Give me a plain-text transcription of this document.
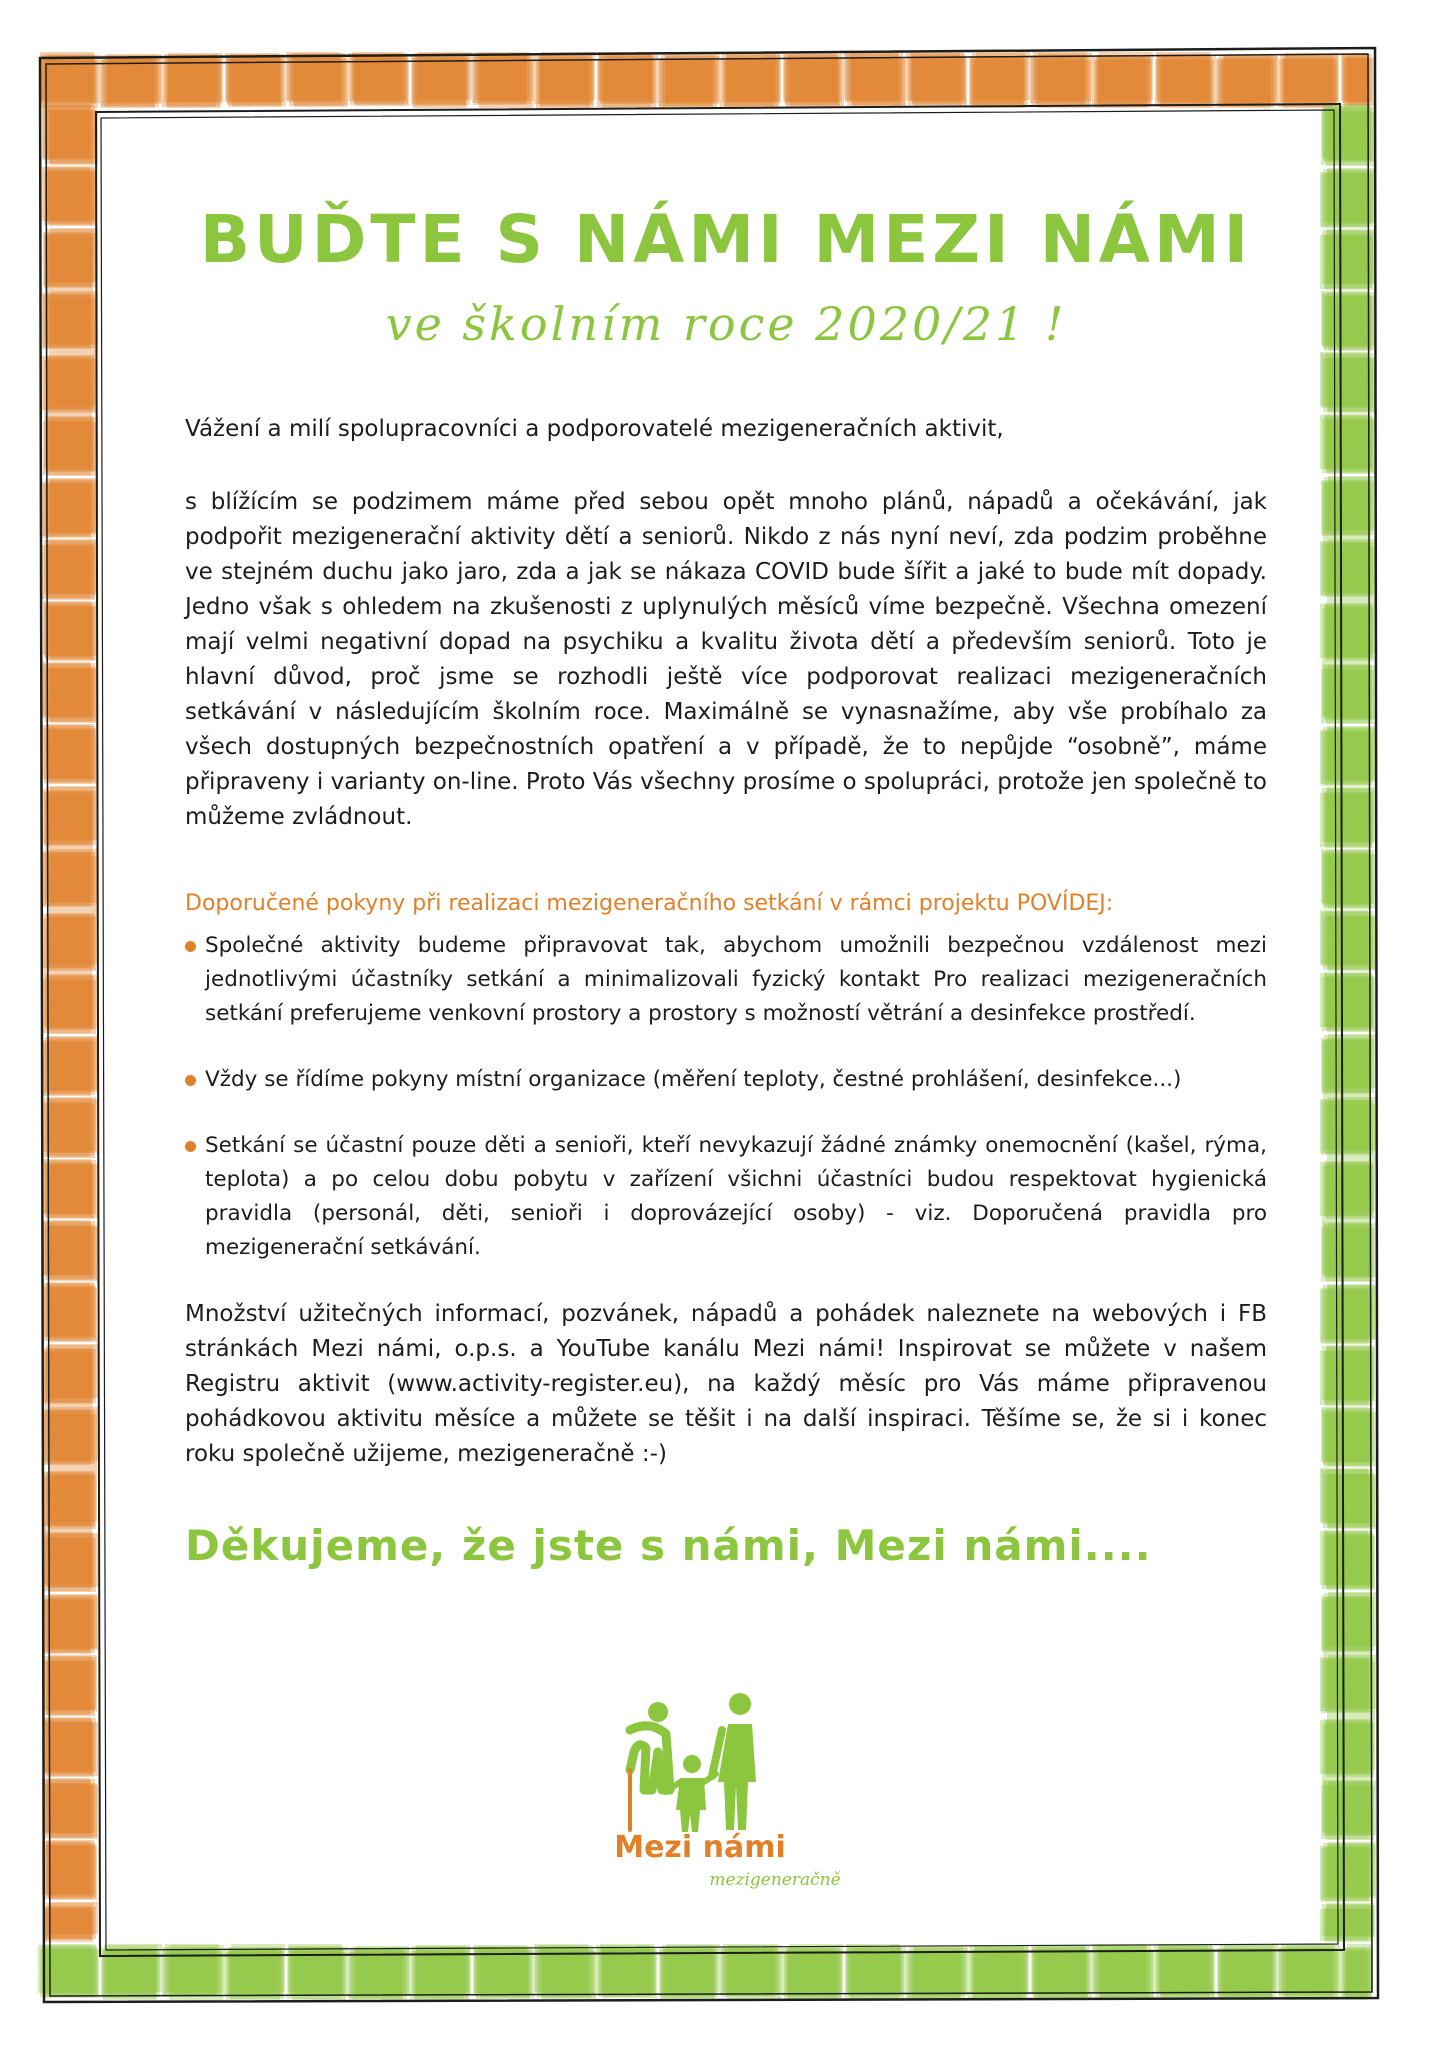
BUĎTE S NÁMI MEZI NÁMI

ve školním roce 2020/21 !

Vážení a milí spolupracovníci a podporovatelé mezigeneračních aktivit,

s blížícím se podzimem máme před sebou opět mnoho plánů, nápadů a očekávání, jak podpořit mezigenerační aktivity dětí a seniorů. Nikdo z nás nyní neví, zda podzim proběhne ve stejném duchu jako jaro, zda a jak se nákaza COVID bude šířit a jaké to bude mít dopady. Jedno však s ohledem na zkušenosti z uplynulých měsíců víme bezpečně. Všechna omezení mají velmi negativní dopad na psychiku a kvalitu života dětí a především seniorů. Toto je hlavní důvod, proč jsme se rozhodli ještě více podporovat realizaci mezigeneračních setkávání v následujícím školním roce. Maximálně se vynasnažíme, aby vše probíhalo za všech dostupných bezpečnostních opatření a v případě, že to nepůjde “osobně”, máme připraveny i varianty on-line. Proto Vás všechny prosíme o spolupráci, protože jen společně to můžeme zvládnout.

Doporučené pokyny při realizaci mezigeneračního setkání v rámci projektu POVÍDEJ:

Společné aktivity budeme připravovat tak, abychom umožnili bezpečnou vzdálenost mezi jednotlivými účastníky setkání a minimalizovali fyzický kontakt Pro realizaci mezigeneračních setkání preferujeme venkovní prostory a prostory s možností větrání a desinfekce prostředí.
Vždy se řídíme pokyny místní organizace (měření teploty, čestné prohlášení, desinfekce...)
Setkání se účastní pouze děti a senioři, kteří nevykazují žádné známky onemocnění (kašel, rýma, teplota) a po celou dobu pobytu v zařízení všichni účastníci budou respektovat hygienická pravidla (personál, děti, senioři i doprovázející osoby) - viz. Doporučená pravidla pro mezigenerační setkávání.

Množství užitečných informací, pozvánek, nápadů a pohádek naleznete na webových i FB stránkách Mezi námi, o.p.s. a YouTube kanálu Mezi námi! Inspirovat se můžete v našem Registru aktivit (www.activity-register.eu), na každý měsíc pro Vás máme připravenou pohádkovou aktivitu měsíce a můžete se těšit i na další inspiraci. Těšíme se, že si i konec roku společně užijeme, mezigeneračně :-)

Děkujeme, že jste s námi, Mezi námi....

Mezi námi
mezigeneračně
